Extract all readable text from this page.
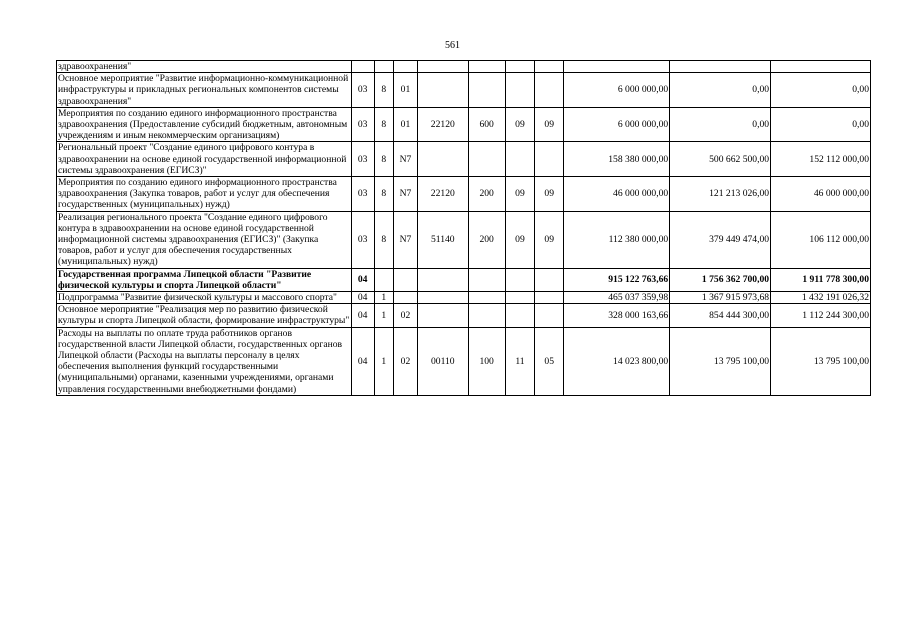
561
здравоохранения"										
Основное мероприятие "Развитие информационно-коммуникационной инфраструктуры и прикладных региональных компонентов системы здравоохранения"	03	8	01					6 000 000,00	0,00	0,00
Мероприятия по созданию единого информационного пространства здравоохранения (Предоставление субсидий бюджетным, автономным учреждениям и иным некоммерческим организациям)	03	8	01	22120	600	09	09	6 000 000,00	0,00	0,00
Региональный проект "Создание единого цифрового контура в здравоохранении на основе единой государственной информационной системы здравоохранения (ЕГИСЗ)"	03	8	N7					158 380 000,00	500 662 500,00	152 112 000,00
Мероприятия по созданию единого информационного пространства здравоохранения (Закупка товаров, работ и услуг для обеспечения государственных (муниципальных) нужд)	03	8	N7	22120	200	09	09	46 000 000,00	121 213 026,00	46 000 000,00
Реализация регионального проекта "Создание единого цифрового контура в здравоохранении на основе единой государственной информационной системы здравоохранения (ЕГИСЗ)" (Закупка товаров, работ и услуг для обеспечения государственных (муниципальных) нужд)	03	8	N7	51140	200	09	09	112 380 000,00	379 449 474,00	106 112 000,00
Государственная программа Липецкой области "Развитие физической культуры и спорта Липецкой области"	04							915 122 763,66	1 756 362 700,00	1 911 778 300,00
Подпрограмма "Развитие физической культуры и массового спорта"	04	1						465 037 359,98	1 367 915 973,68	1 432 191 026,32
Основное мероприятие "Реализация мер по развитию физической культуры и спорта Липецкой области, формирование инфраструктуры"	04	1	02					328 000 163,66	854 444 300,00	1 112 244 300,00
Расходы на выплаты по оплате труда работников органов государственной власти Липецкой области, государственных органов Липецкой области (Расходы на выплаты персоналу в целях обеспечения выполнения функций государственными (муниципальными) органами, казенными учреждениями, органами управления государственными внебюджетными фондами)	04	1	02	00110	100	11	05	14 023 800,00	13 795 100,00	13 795 100,00
